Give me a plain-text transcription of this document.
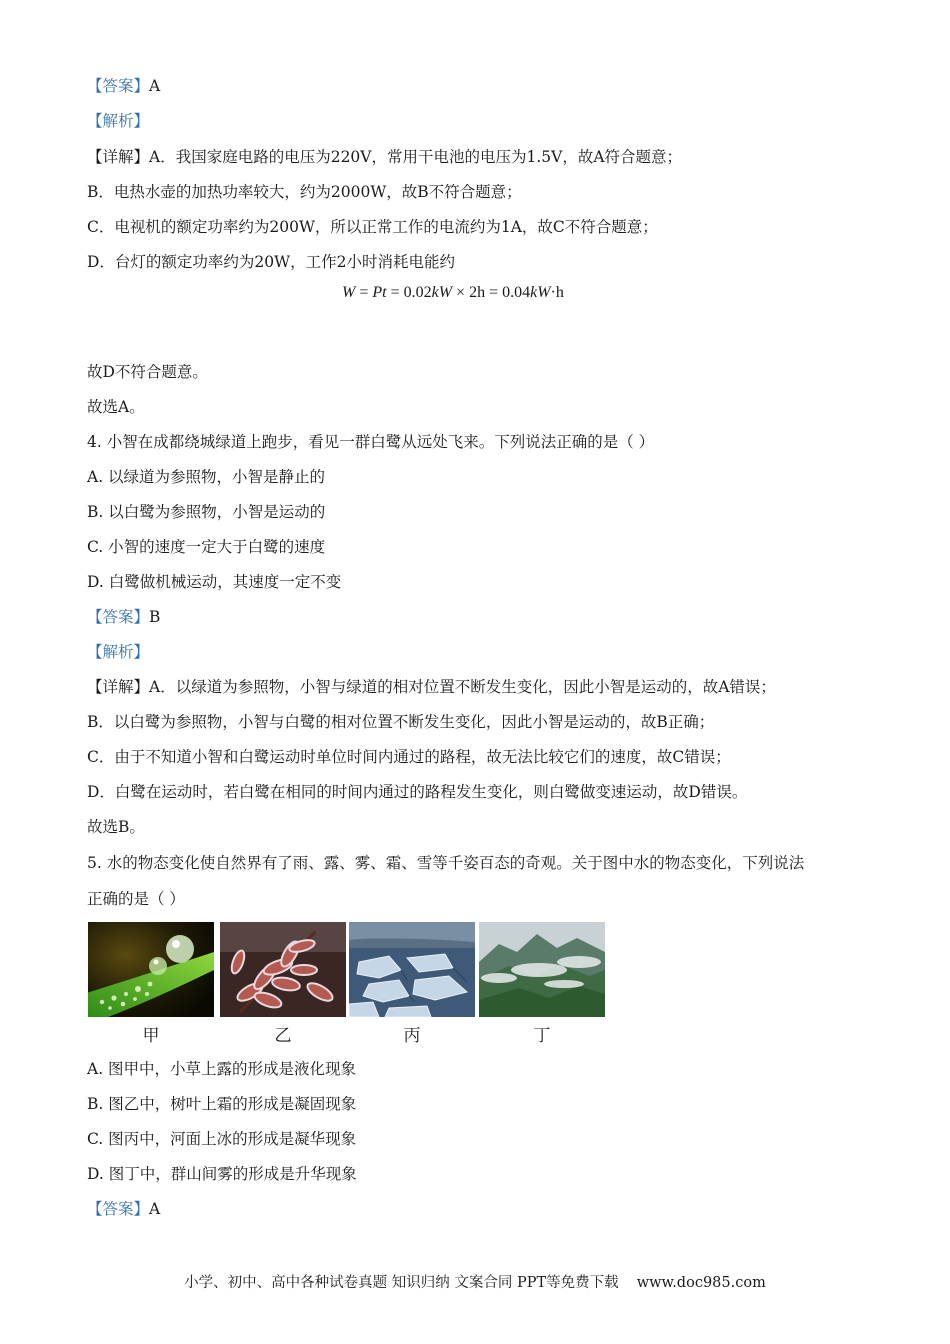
【答案】A
【解析】
【详解】A．我国家庭电路的电压为220V，常用干电池的电压为1.5V，故A符合题意；
B．电热水壶的加热功率较大，约为2000W，故B不符合题意；
C．电视机的额定功率约为200W，所以正常工作的电流约为1A，故C不符合题意；
D．台灯的额定功率约为20W，工作2小时消耗电能约
W = Pt = 0.02kW × 2h = 0.04kW·h
故D不符合题意。
故选A。
4. 小智在成都绕城绿道上跑步，看见一群白鹭从远处飞来。下列说法正确的是（ ）
A. 以绿道为参照物，小智是静止的
B. 以白鹭为参照物，小智是运动的
C. 小智的速度一定大于白鹭的速度
D. 白鹭做机械运动，其速度一定不变
【答案】B
【解析】
【详解】A．以绿道为参照物，小智与绿道的相对位置不断发生变化，因此小智是运动的，故A错误；
B．以白鹭为参照物，小智与白鹭的相对位置不断发生变化，因此小智是运动的，故B正确；
C．由于不知道小智和白鹭运动时单位时间内通过的路程，故无法比较它们的速度，故C错误；
D．白鹭在运动时，若白鹭在相同的时间内通过的路程发生变化，则白鹭做变速运动，故D错误。
故选B。
5. 水的物态变化使自然界有了雨、露、雾、霜、雪等千姿百态的奇观。关于图中水的物态变化，下列说法
正确的是（ ）
甲	乙	丙	丁
A. 图甲中，小草上露的形成是液化现象
B. 图乙中，树叶上霜的形成是凝固现象
C. 图丙中，河面上冰的形成是凝华现象
D. 图丁中，群山间雾的形成是升华现象
【答案】A
小学、初中、高中各种试卷真题 知识归纳 文案合同 PPT等免费下载 www.doc985.com
